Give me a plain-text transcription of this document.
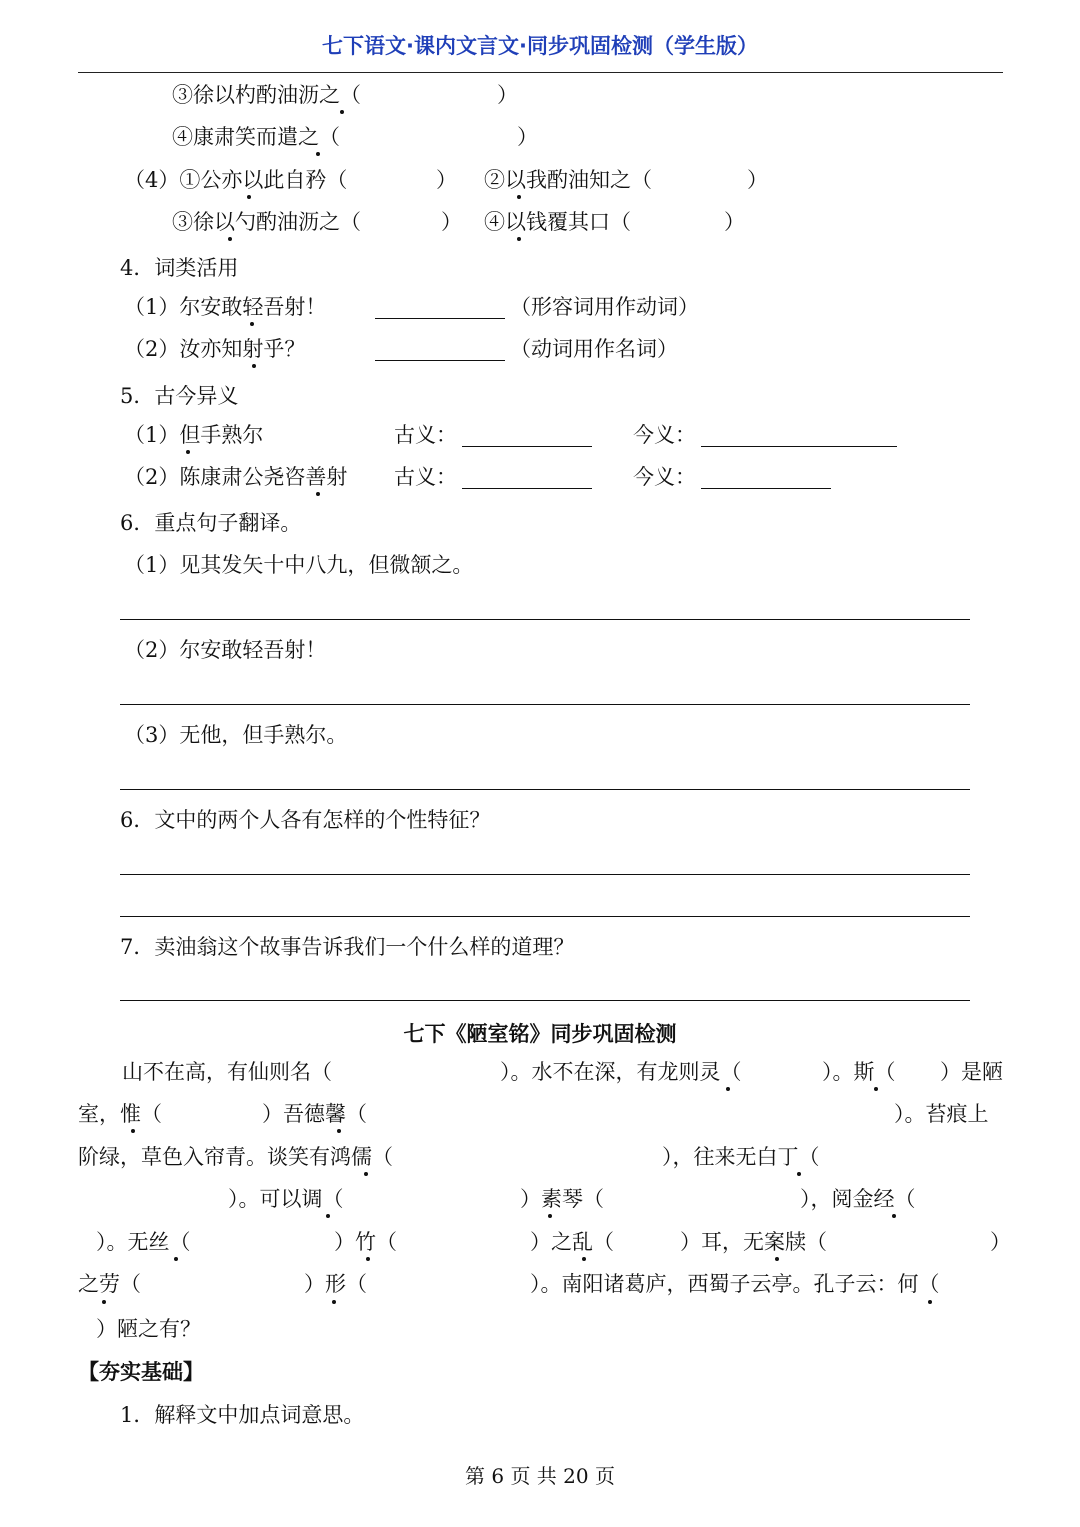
七下语文·课内文言文·同步巩固检测（学生版）
③徐以杓酌油沥之（	）
④康肃笑而遣之（	）
（4）①公亦以此自矜（	） ②以我酌油知之（	）
③徐以勺酌油沥之（	） ④以钱覆其口（	）
4．词类活用
（1）尔安敢轻吾射！	（形容词用作动词）
（2）汝亦知射乎？	（动词用作名词）
5．古今异义
（1）但手熟尔	古义：	今义：
（2）陈康肃公尧咨善射 古义：	今义：
6．重点句子翻译。
（1）见其发矢十中八九，但微颔之。
（2）尔安敢轻吾射！
（3）无他，但手熟尔。
6．文中的两个人各有怎样的个性特征？
7．卖油翁这个故事告诉我们一个什么样的道理？
七下《陋室铭》同步巩固检测
山不在高，有仙则名（	）。水不在深，有龙则灵（	）。斯（ ）是陋
室，惟（	）吾德馨（	）。苔痕上
阶绿，草色入帘青。谈笑有鸿儒（	），往来无白丁（
）。可以调（	）素琴（	），阅金经（
）。无丝（	）竹（	）之乱（	）耳，无案牍（	）
之劳（	）形（	）。南阳诸葛庐，西蜀子云亭。孔子云：何（
）陋之有？
【夯实基础】
1．解释文中加点词意思。
第 6 页 共 20 页
